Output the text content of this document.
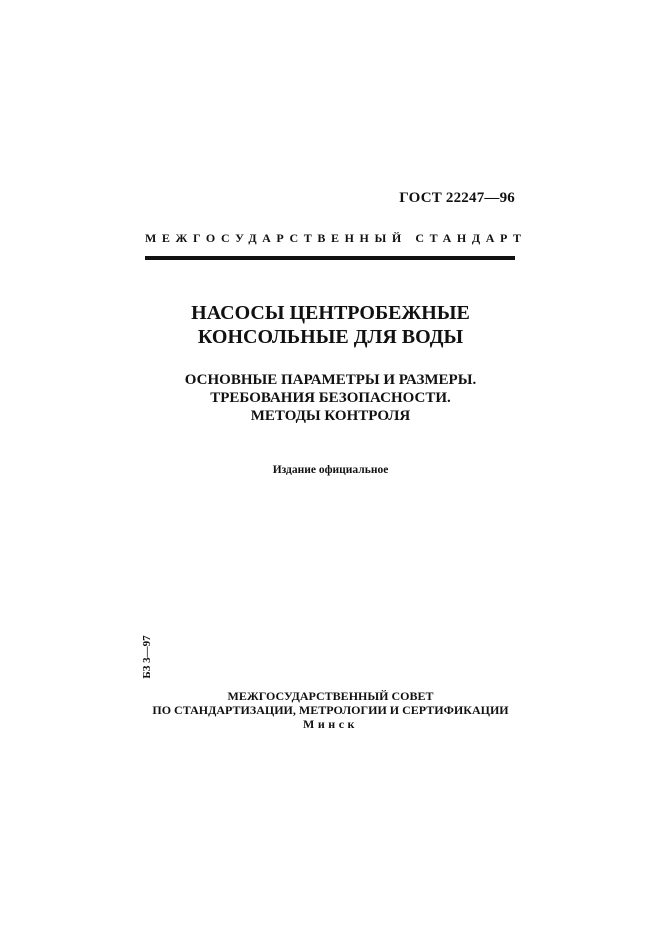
ГОСТ 22247—96
МЕЖГОСУДАРСТВЕННЫЙ СТАНДАРТ
НАСОСЫ ЦЕНТРОБЕЖНЫЕ
КОНСОЛЬНЫЕ ДЛЯ ВОДЫ
ОСНОВНЫЕ ПАРАМЕТРЫ И РАЗМЕРЫ.
ТРЕБОВАНИЯ БЕЗОПАСНОСТИ.
МЕТОДЫ КОНТРОЛЯ
Издание официальное
БЗ 3—97
МЕЖГОСУДАРСТВЕННЫЙ СОВЕТ
ПО СТАНДАРТИЗАЦИИ, МЕТРОЛОГИИ И СЕРТИФИКАЦИИ
Минск
